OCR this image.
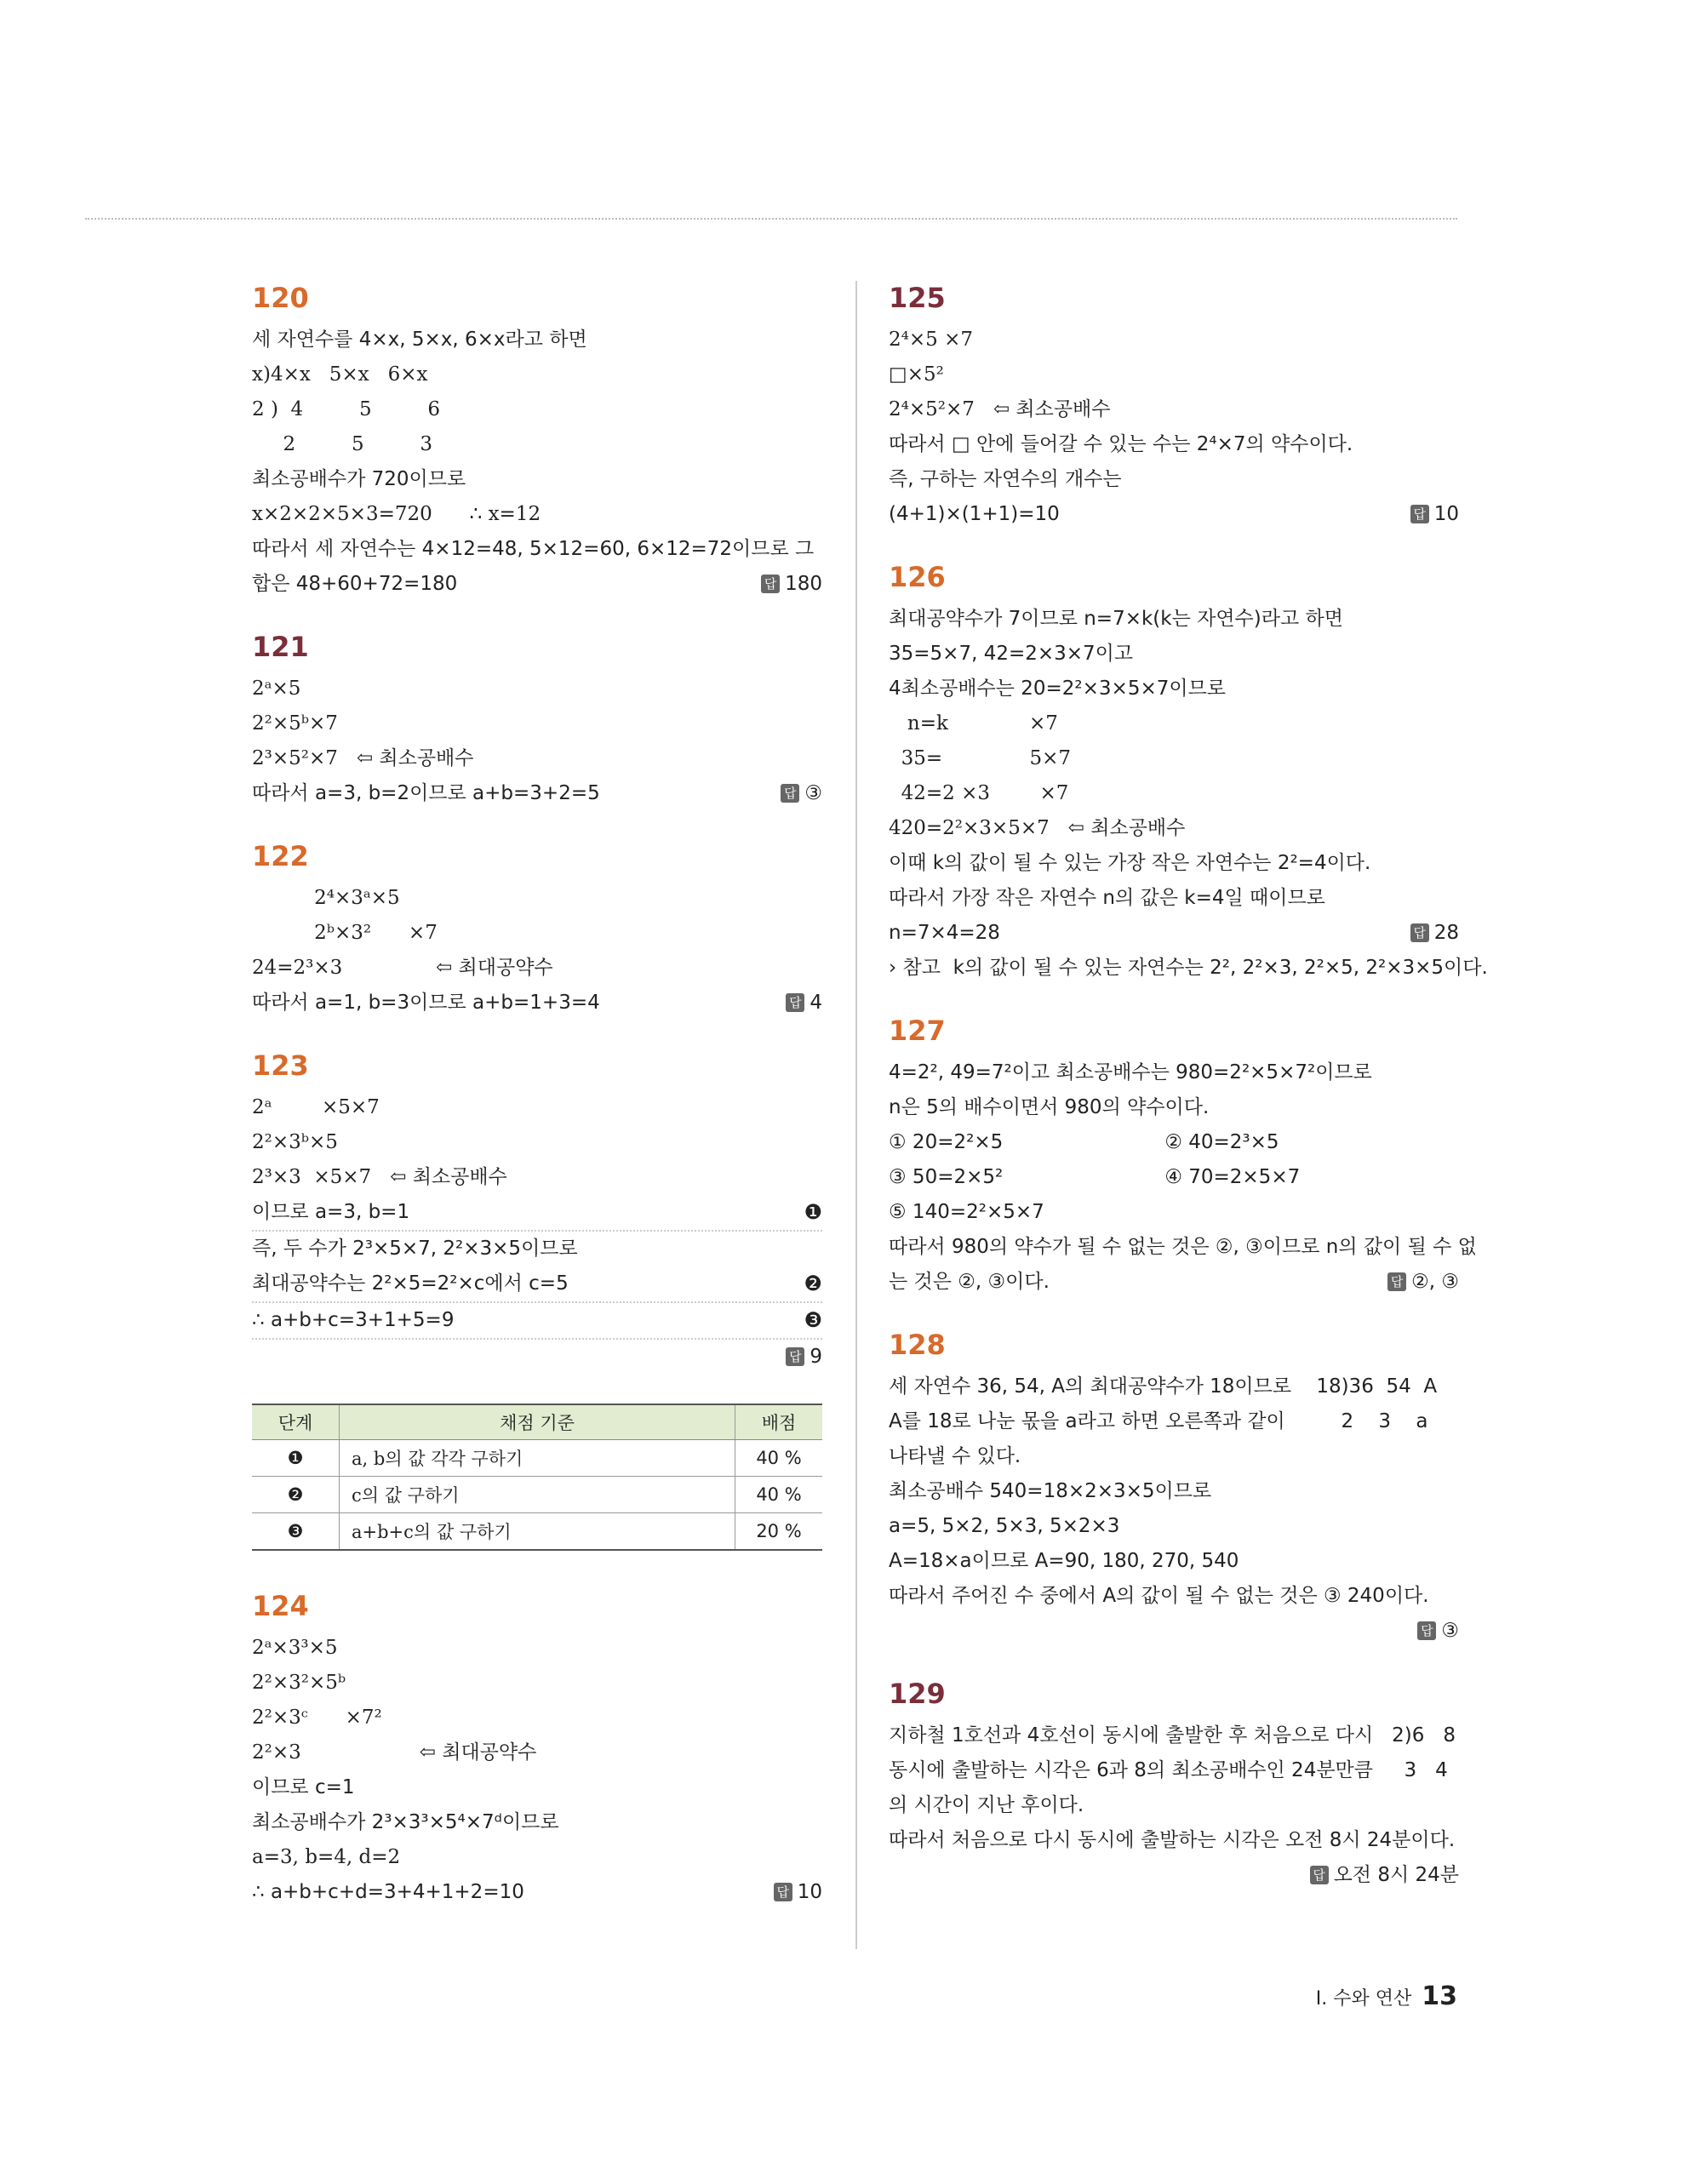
120
세 자연수를 4×x, 5×x, 6×x라고 하면
x)4×x   5×x   6×x
2 )  4         5         6
2         5         3
최소공배수가 720이므로
x×2×2×5×3=720      ∴ x=12
따라서 세 자연수는 4×12=48, 5×12=60, 6×12=72이므로 그
합은 48+60+72=180	답 180
121
2ᵃ×5
2²×5ᵇ×7
2³×5²×7   ⇦ 최소공배수
따라서 a=3, b=2이므로 a+b=3+2=5	답 ③
122
2⁴×3ᵃ×5
2ᵇ×3²      ×7
24=2³×3               ⇦ 최대공약수
따라서 a=1, b=3이므로 a+b=1+3=4	답 4
123
2ᵃ        ×5×7
2²×3ᵇ×5
2³×3  ×5×7   ⇦ 최소공배수
이므로 a=3, b=1	❶
즉, 두 수가 2³×5×7, 2²×3×5이므로
최대공약수는 2²×5=2²×c에서 c=5	❷
∴ a+b+c=3+1+5=9	❸
답 9
단계	채점 기준	배점
❶	a, b의 값 각각 구하기	40 %
❷	c의 값 구하기	40 %
❸	a+b+c의 값 구하기	20 %
124
2ᵃ×3³×5
2²×3²×5ᵇ
2²×3ᶜ      ×7²
2²×3                   ⇦ 최대공약수
이므로 c=1
최소공배수가 2³×3³×5⁴×7ᵈ이므로
a=3, b=4, d=2
∴ a+b+c+d=3+4+1+2=10	답 10
125
2⁴×5 ×7
□×5²
2⁴×5²×7   ⇦ 최소공배수
따라서 □ 안에 들어갈 수 있는 수는 2⁴×7의 약수이다.
즉, 구하는 자연수의 개수는
(4+1)×(1+1)=10	답 10
126
최대공약수가 7이므로 n=7×k(k는 자연수)라고 하면
35=5×7, 42=2×3×7이고
4최소공배수는 20=2²×3×5×7이므로
n=k             ×7
35=              5×7
42=2 ×3        ×7
420=2²×3×5×7   ⇦ 최소공배수
이때 k의 값이 될 수 있는 가장 작은 자연수는 2²=4이다.
따라서 가장 작은 자연수 n의 값은 k=4일 때이므로
n=7×4=28	답 28
› 참고  k의 값이 될 수 있는 자연수는 2², 2²×3, 2²×5, 2²×3×5이다.
127
4=2², 49=7²이고 최소공배수는 980=2²×5×7²이므로
n은 5의 배수이면서 980의 약수이다.
① 20=2²×5                          ② 40=2³×5
③ 50=2×5²                          ④ 70=2×5×7
⑤ 140=2²×5×7
따라서 980의 약수가 될 수 없는 것은 ②, ③이므로 n의 값이 될 수 없
는 것은 ②, ③이다.	답 ②, ③
128
세 자연수 36, 54, A의 최대공약수가 18이므로    18)36  54  A
A를 18로 나눈 몫을 a라고 하면 오른쪽과 같이         2    3    a
나타낼 수 있다.
최소공배수 540=18×2×3×5이므로
a=5, 5×2, 5×3, 5×2×3
A=18×a이므로 A=90, 180, 270, 540
따라서 주어진 수 중에서 A의 값이 될 수 없는 것은 ③ 240이다.
답 ③
129
지하철 1호선과 4호선이 동시에 출발한 후 처음으로 다시   2)6   8
동시에 출발하는 시각은 6과 8의 최소공배수인 24분만큼     3   4
의 시간이 지난 후이다.
따라서 처음으로 다시 동시에 출발하는 시각은 오전 8시 24분이다.
답 오전 8시 24분
I. 수와 연산 13
